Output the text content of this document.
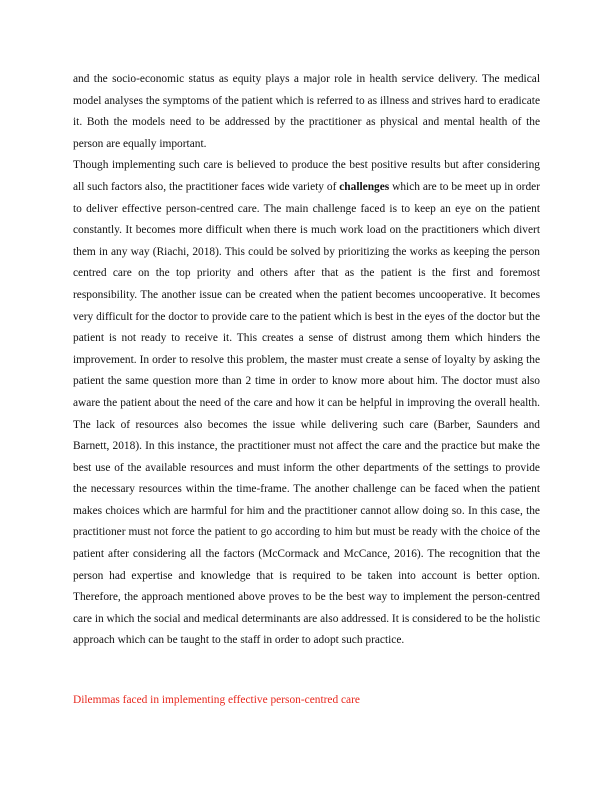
and the socio-economic status as equity plays a major role in health service delivery. The medical model analyses the symptoms of the patient which is referred to as illness and strives hard to eradicate it. Both the models need to be addressed by the practitioner as physical and mental health of the person are equally important.

Though implementing such care is believed to produce the best positive results but after considering all such factors also, the practitioner faces wide variety of challenges which are to be meet up in order to deliver effective person-centred care. The main challenge faced is to keep an eye on the patient constantly. It becomes more difficult when there is much work load on the practitioners which divert them in any way (Riachi, 2018). This could be solved by prioritizing the works as keeping the person centred care on the top priority and others after that as the patient is the first and foremost responsibility. The another issue can be created when the patient becomes uncooperative. It becomes very difficult for the doctor to provide care to the patient which is best in the eyes of the doctor but the patient is not ready to receive it. This creates a sense of distrust among them which hinders the improvement. In order to resolve this problem, the master must create a sense of loyalty by asking the patient the same question more than 2 time in order to know more about him. The doctor must also aware the patient about the need of the care and how it can be helpful in improving the overall health. The lack of resources also becomes the issue while delivering such care (Barber, Saunders and Barnett, 2018). In this instance, the practitioner must not affect the care and the practice but make the best use of the available resources and must inform the other departments of the settings to provide the necessary resources within the time-frame. The another challenge can be faced when the patient makes choices which are harmful for him and the practitioner cannot allow doing so. In this case, the practitioner must not force the patient to go according to him but must be ready with the choice of the patient after considering all the factors (McCormack and McCance, 2016). The recognition that the person had expertise and knowledge that is required to be taken into account is better option. Therefore, the approach mentioned above proves to be the best way to implement the person-centred care in which the social and medical determinants are also addressed. It is considered to be the holistic approach which can be taught to the staff in order to adopt such practice.

Dilemmas faced in implementing effective person-centred care
